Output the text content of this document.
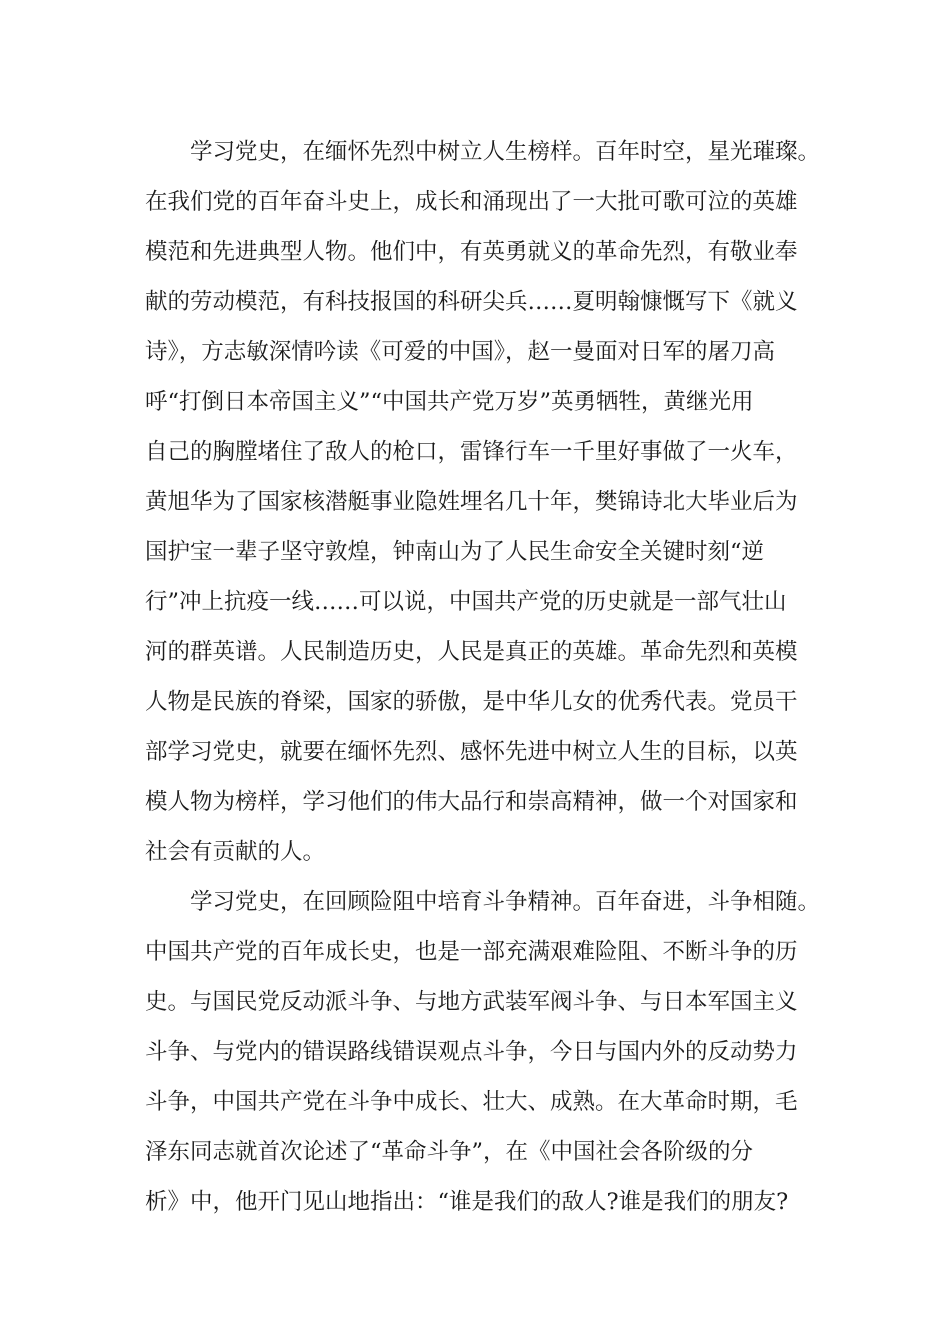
学习党史，在缅怀先烈中树立人生榜样。百年时空，星光璀璨。
在我们党的百年奋斗史上，成长和涌现出了一大批可歌可泣的英雄
模范和先进典型人物。他们中，有英勇就义的革命先烈，有敬业奉
献的劳动模范，有科技报国的科研尖兵……夏明翰慷慨写下《就义
诗》，方志敏深情吟读《可爱的中国》，赵一曼面对日军的屠刀高
呼“打倒日本帝国主义”“中国共产党万岁”英勇牺牲，黄继光用
自己的胸膛堵住了敌人的枪口，雷锋行车一千里好事做了一火车，
黄旭华为了国家核潜艇事业隐姓埋名几十年，樊锦诗北大毕业后为
国护宝一辈子坚守敦煌，钟南山为了人民生命安全关键时刻“逆
行”冲上抗疫一线……可以说，中国共产党的历史就是一部气壮山
河的群英谱。人民制造历史，人民是真正的英雄。革命先烈和英模
人物是民族的脊梁，国家的骄傲，是中华儿女的优秀代表。党员干
部学习党史，就要在缅怀先烈、感怀先进中树立人生的目标，以英
模人物为榜样，学习他们的伟大品行和崇高精神，做一个对国家和
社会有贡献的人。
学习党史，在回顾险阻中培育斗争精神。百年奋进，斗争相随。
中国共产党的百年成长史，也是一部充满艰难险阻、不断斗争的历
史。与国民党反动派斗争、与地方武装军阀斗争、与日本军国主义
斗争、与党内的错误路线错误观点斗争，今日与国内外的反动势力
斗争，中国共产党在斗争中成长、壮大、成熟。在大革命时期，毛
泽东同志就首次论述了“革命斗争”，在《中国社会各阶级的分
析》中，他开门见山地指出：“谁是我们的敌人?谁是我们的朋友?
